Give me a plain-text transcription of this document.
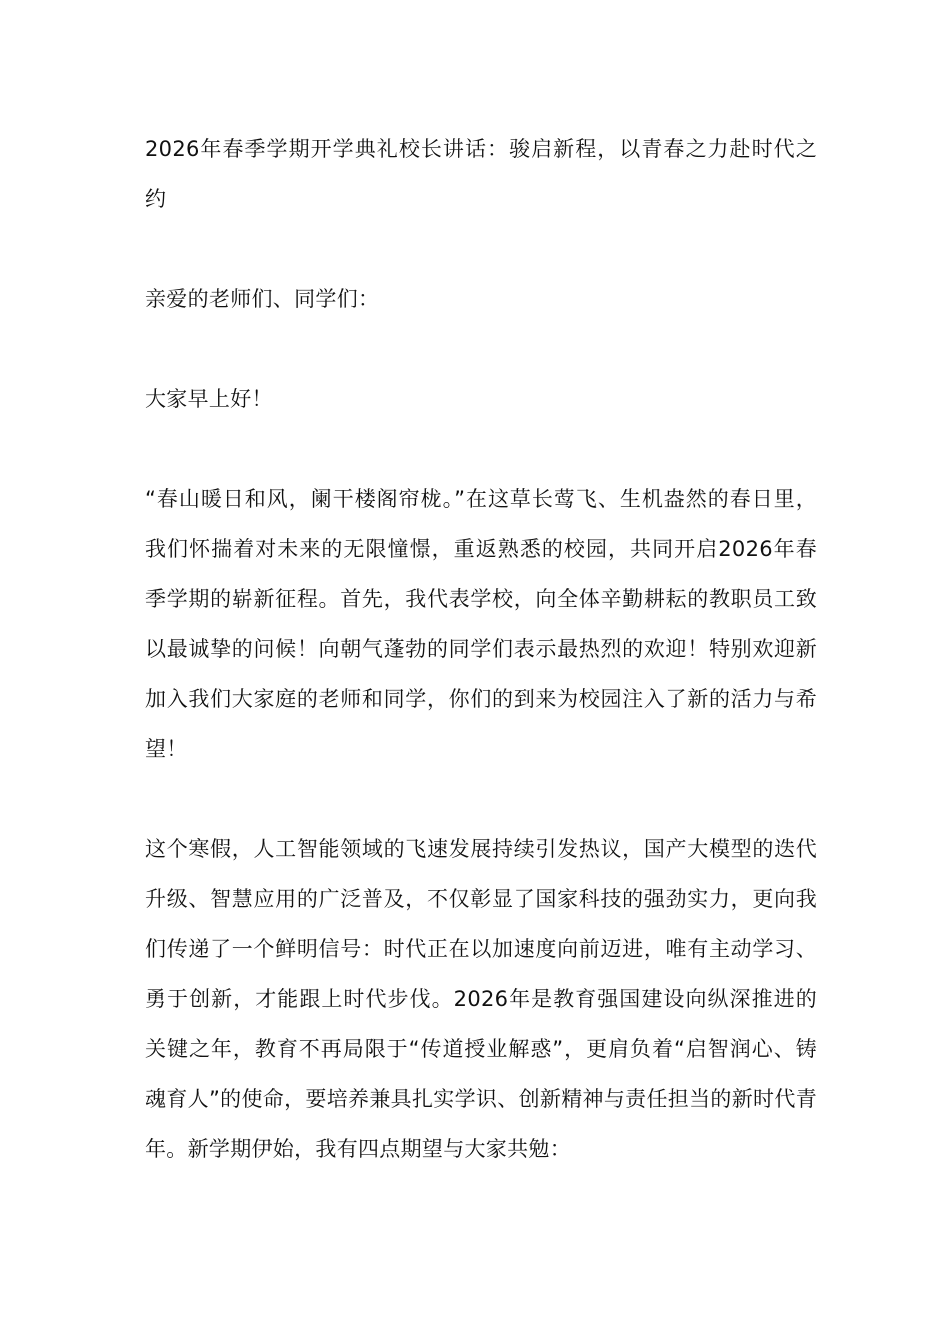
2026年春季学期开学典礼校长讲话：骏启新程，以青春之力赴时代之约

亲爱的老师们、同学们：

大家早上好！

“春山暖日和风，阑干楼阁帘栊。”在这草长莺飞、生机盎然的春日里，我们怀揣着对未来的无限憧憬，重返熟悉的校园，共同开启2026年春季学期的崭新征程。首先，我代表学校，向全体辛勤耕耘的教职员工致以最诚挚的问候！向朝气蓬勃的同学们表示最热烈的欢迎！特别欢迎新加入我们大家庭的老师和同学，你们的到来为校园注入了新的活力与希望！

这个寒假，人工智能领域的飞速发展持续引发热议，国产大模型的迭代升级、智慧应用的广泛普及，不仅彰显了国家科技的强劲实力，更向我们传递了一个鲜明信号：时代正在以加速度向前迈进，唯有主动学习、勇于创新，才能跟上时代步伐。2026年是教育强国建设向纵深推进的关键之年，教育不再局限于“传道授业解惑”，更肩负着“启智润心、铸魂育人”的使命，要培养兼具扎实学识、创新精神与责任担当的新时代青年。新学期伊始，我有四点期望与大家共勉：
